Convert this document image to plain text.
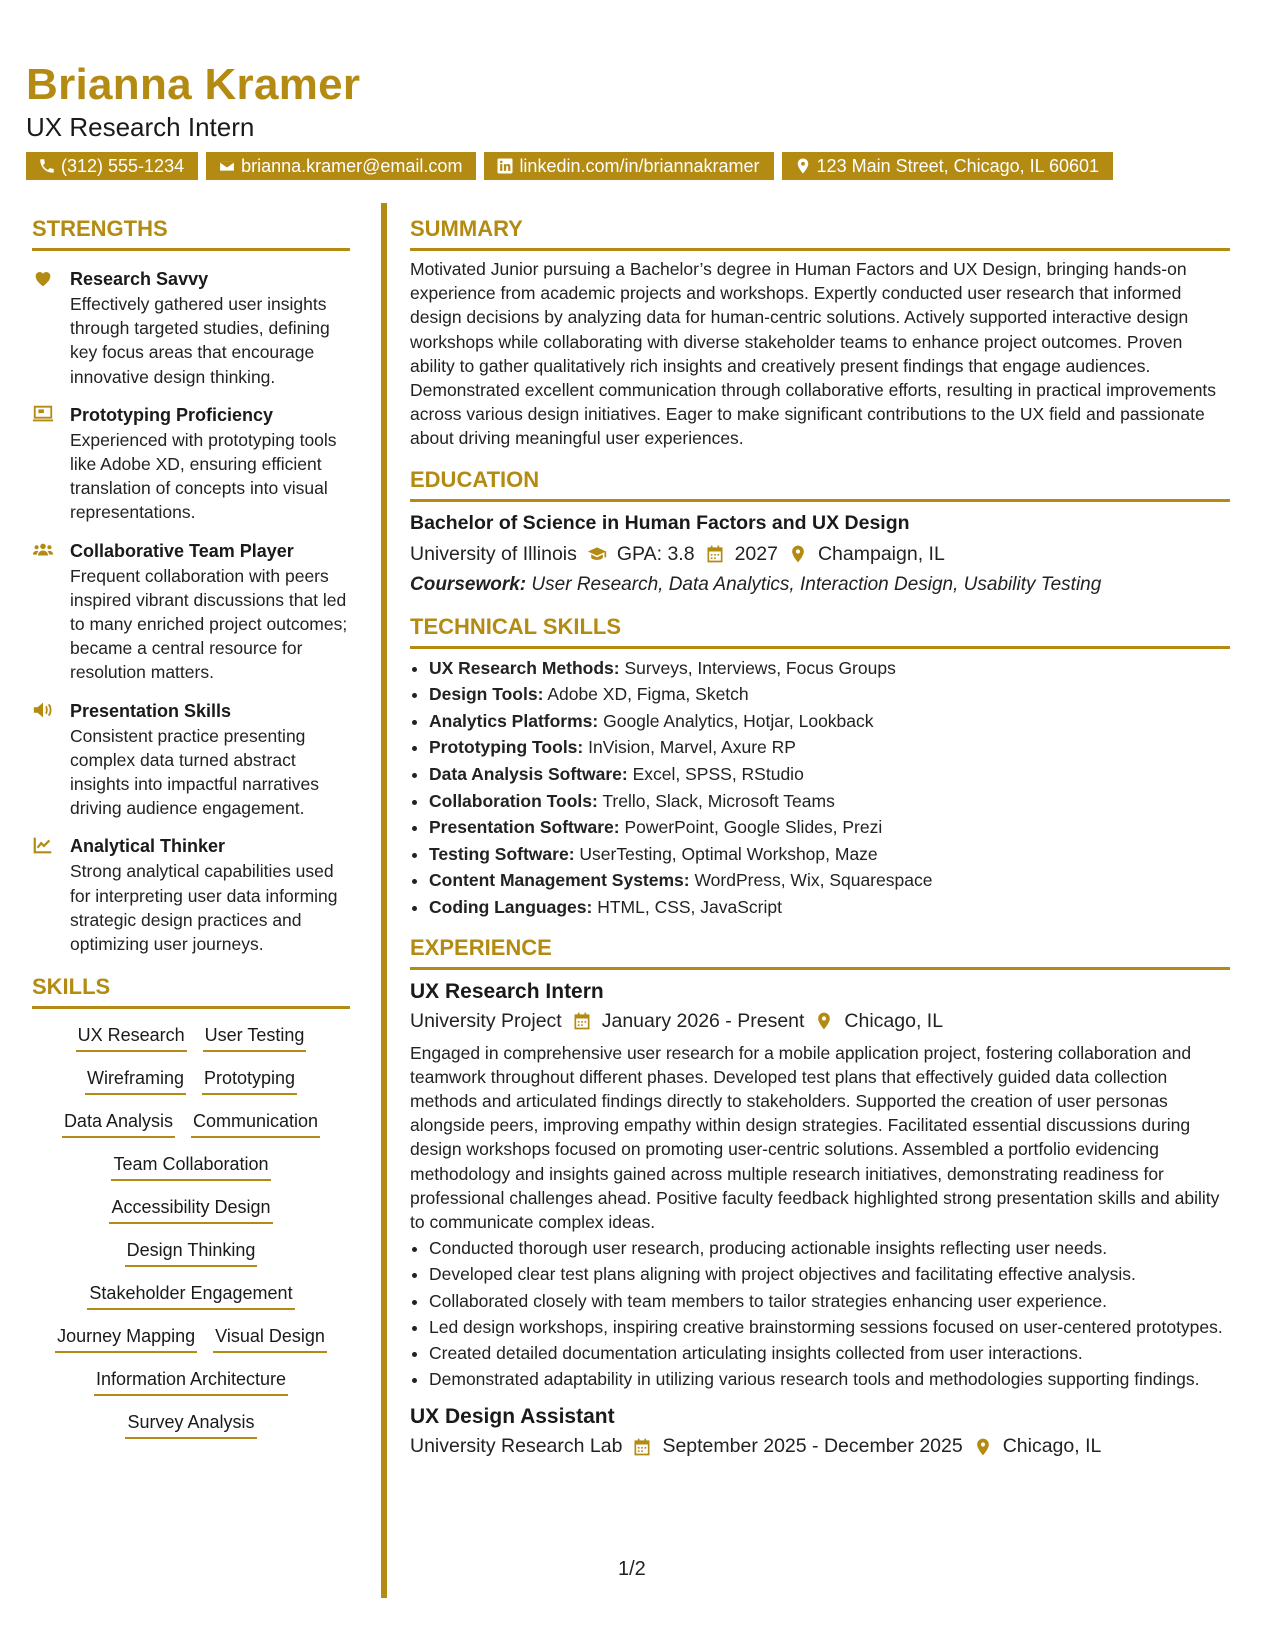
Brianna Kramer
UX Research Intern
(312) 555-1234	brianna.kramer@email.com	linkedin.com/in/briannakramer	123 Main Street, Chicago, IL 60601
STRENGTHS
Research Savvy
Effectively gathered user insights through targeted studies, defining key focus areas that encourage innovative design thinking.
Prototyping Proficiency
Experienced with prototyping tools like Adobe XD, ensuring efficient translation of concepts into visual representations.
Collaborative Team Player
Frequent collaboration with peers inspired vibrant discussions that led to many enriched project outcomes; became a central resource for resolution matters.
Presentation Skills
Consistent practice presenting complex data turned abstract insights into impactful narratives driving audience engagement.
Analytical Thinker
Strong analytical capabilities used for interpreting user data informing strategic design practices and optimizing user journeys.
SKILLS
UX Research User Testing
Wireframing Prototyping
Data Analysis Communication
Team Collaboration
Accessibility Design
Design Thinking
Stakeholder Engagement
Journey Mapping Visual Design
Information Architecture
Survey Analysis
SUMMARY
Motivated Junior pursuing a Bachelor’s degree in Human Factors and UX Design, bringing hands-on experience from academic projects and workshops. Expertly conducted user research that informed design decisions by analyzing data for human-centric solutions. Actively supported interactive design workshops while collaborating with diverse stakeholder teams to enhance project outcomes. Proven ability to gather qualitatively rich insights and creatively present findings that engage audiences. Demonstrated excellent communication through collaborative efforts, resulting in practical improvements across various design initiatives. Eager to make significant contributions to the UX field and passionate about driving meaningful user experiences.
EDUCATION
Bachelor of Science in Human Factors and UX Design
University of Illinois GPA: 3.8 2027 Champaign, IL
Coursework: User Research, Data Analytics, Interaction Design, Usability Testing
TECHNICAL SKILLS
• UX Research Methods: Surveys, Interviews, Focus Groups
• Design Tools: Adobe XD, Figma, Sketch
• Analytics Platforms: Google Analytics, Hotjar, Lookback
• Prototyping Tools: InVision, Marvel, Axure RP
• Data Analysis Software: Excel, SPSS, RStudio
• Collaboration Tools: Trello, Slack, Microsoft Teams
• Presentation Software: PowerPoint, Google Slides, Prezi
• Testing Software: UserTesting, Optimal Workshop, Maze
• Content Management Systems: WordPress, Wix, Squarespace
• Coding Languages: HTML, CSS, JavaScript
EXPERIENCE
UX Research Intern
University Project January 2026 - Present Chicago, IL
Engaged in comprehensive user research for a mobile application project, fostering collaboration and teamwork throughout different phases. Developed test plans that effectively guided data collection methods and articulated findings directly to stakeholders. Supported the creation of user personas alongside peers, improving empathy within design strategies. Facilitated essential discussions during design workshops focused on promoting user-centric solutions. Assembled a portfolio evidencing methodology and insights gained across multiple research initiatives, demonstrating readiness for professional challenges ahead. Positive faculty feedback highlighted strong presentation skills and ability to communicate complex ideas.
• Conducted thorough user research, producing actionable insights reflecting user needs.
• Developed clear test plans aligning with project objectives and facilitating effective analysis.
• Collaborated closely with team members to tailor strategies enhancing user experience.
• Led design workshops, inspiring creative brainstorming sessions focused on user-centered prototypes.
• Created detailed documentation articulating insights collected from user interactions.
• Demonstrated adaptability in utilizing various research tools and methodologies supporting findings.
UX Design Assistant
University Research Lab September 2025 - December 2025 Chicago, IL
1/2
